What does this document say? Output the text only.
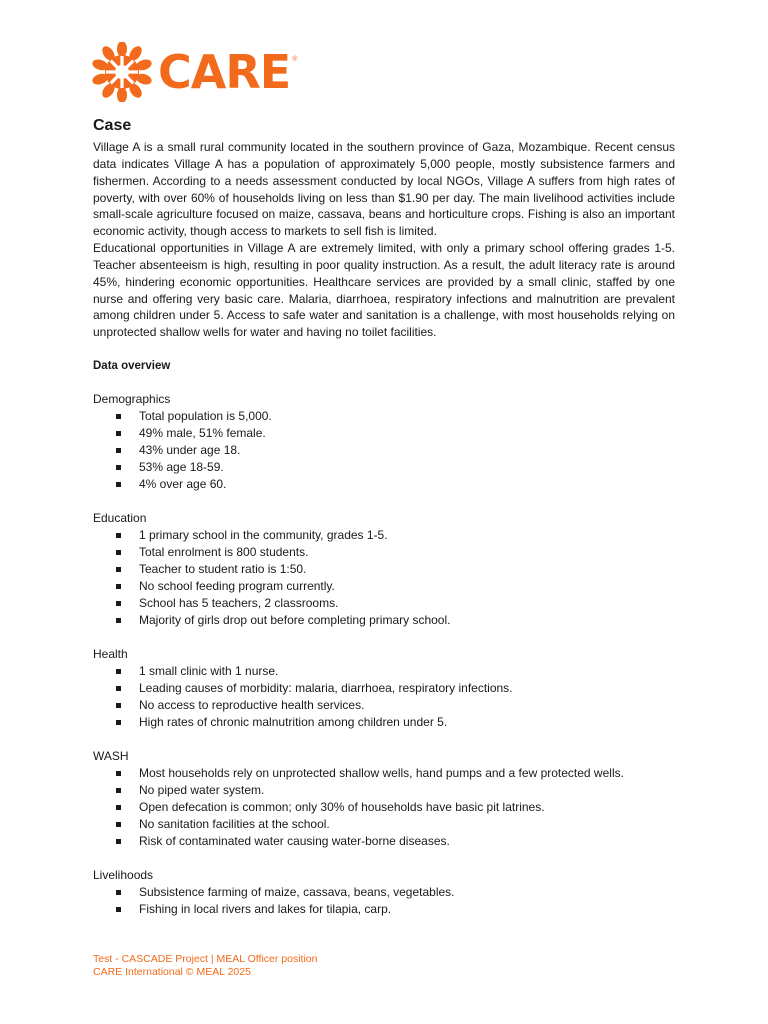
CARE ®
Case

Village A is a small rural community located in the southern province of Gaza, Mozambique. Recent census data indicates Village A has a population of approximately 5,000 people, mostly subsistence farmers and fishermen. According to a needs assessment conducted by local NGOs, Village A suffers from high rates of poverty, with over 60% of households living on less than $1.90 per day. The main livelihood activities include small-scale agriculture focused on maize, cassava, beans and horticulture crops. Fishing is also an important economic activity, though access to markets to sell fish is limited.

Educational opportunities in Village A are extremely limited, with only a primary school offering grades 1-5. Teacher absenteeism is high, resulting in poor quality instruction. As a result, the adult literacy rate is around 45%, hindering economic opportunities. Healthcare services are provided by a small clinic, staffed by one nurse and offering very basic care. Malaria, diarrhoea, respiratory infections and malnutrition are prevalent among children under 5. Access to safe water and sanitation is a challenge, with most households relying on unprotected shallow wells for water and having no toilet facilities.

Data overview
Demographics
Total population is 5,000.
49% male, 51% female.
43% under age 18.
53% age 18-59.
4% over age 60.
Education
1 primary school in the community, grades 1-5.
Total enrolment is 800 students.
Teacher to student ratio is 1:50.
No school feeding program currently.
School has 5 teachers, 2 classrooms.
Majority of girls drop out before completing primary school.
Health
1 small clinic with 1 nurse.
Leading causes of morbidity: malaria, diarrhoea, respiratory infections.
No access to reproductive health services.
High rates of chronic malnutrition among children under 5.
WASH
Most households rely on unprotected shallow wells, hand pumps and a few protected wells.
No piped water system.
Open defecation is common; only 30% of households have basic pit latrines.
No sanitation facilities at the school.
Risk of contaminated water causing water-borne diseases.
Livelihoods
Subsistence farming of maize, cassava, beans, vegetables.
Fishing in local rivers and lakes for tilapia, carp.
Test - CASCADE Project | MEAL Officer position
CARE International © MEAL 2025
